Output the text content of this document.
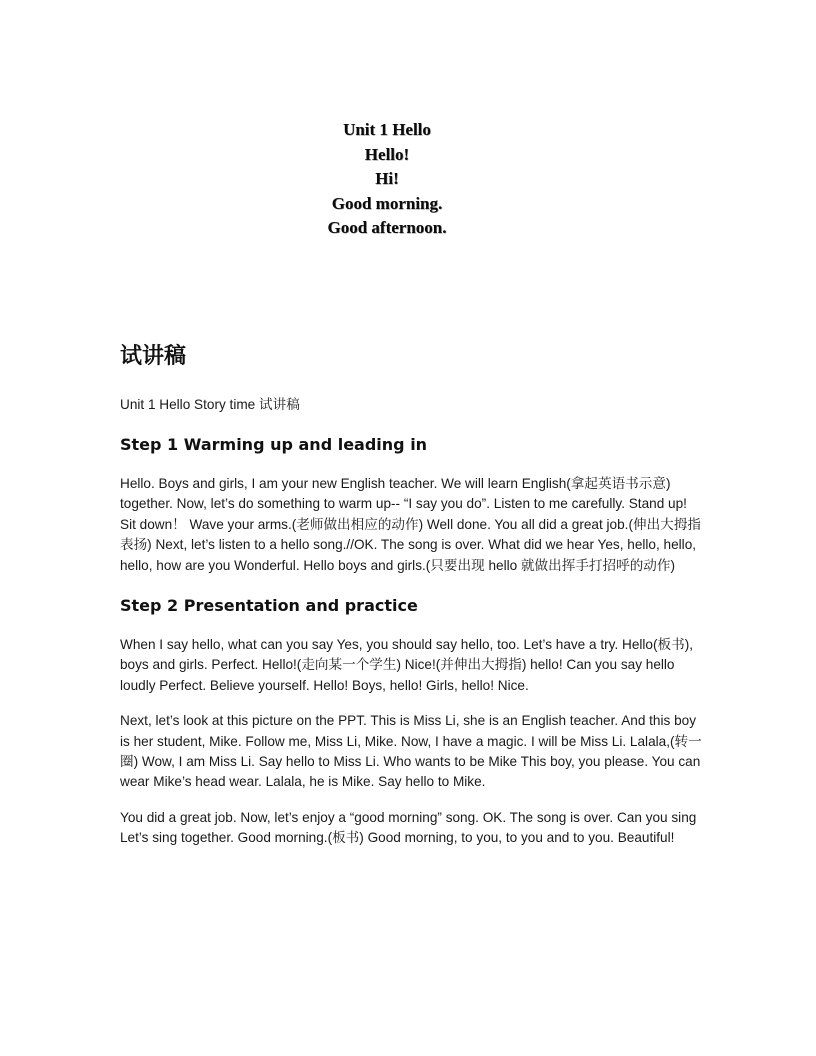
Unit 1 Hello
Hello!
Hi!
Good morning.
Good afternoon.
试讲稿

Unit 1 Hello Story time 试讲稿

Step 1 Warming up and leading in

Hello. Boys and girls, I am your new English teacher. We will learn English(拿起英语书示意) together. Now, let’s do something to warm up-- “I say you do”. Listen to me carefully. Stand up! Sit down！ Wave your arms.(老师做出相应的动作) Well done. You all did a great job.(伸出大拇指表扬) Next, let’s listen to a hello song.//OK. The song is over. What did we hear Yes, hello, hello, hello, how are you Wonderful. Hello boys and girls.(只要出现 hello 就做出挥手打招呼的动作)

Step 2 Presentation and practice

When I say hello, what can you say Yes, you should say hello, too. Let’s have a try. Hello(板书), boys and girls. Perfect. Hello!(走向某一个学生) Nice!(并伸出大拇指) hello! Can you say hello loudly Perfect. Believe yourself. Hello! Boys, hello! Girls, hello! Nice.

Next, let’s look at this picture on the PPT. This is Miss Li, she is an English teacher. And this boy is her student, Mike. Follow me, Miss Li, Mike. Now, I have a magic. I will be Miss Li. Lalala,(转一圈) Wow, I am Miss Li. Say hello to Miss Li. Who wants to be Mike This boy, you please. You can wear Mike’s head wear. Lalala, he is Mike. Say hello to Mike.

You did a great job. Now, let’s enjoy a “good morning” song. OK. The song is over. Can you sing Let’s sing together. Good morning.(板书) Good morning, to you, to you and to you. Beautiful!
